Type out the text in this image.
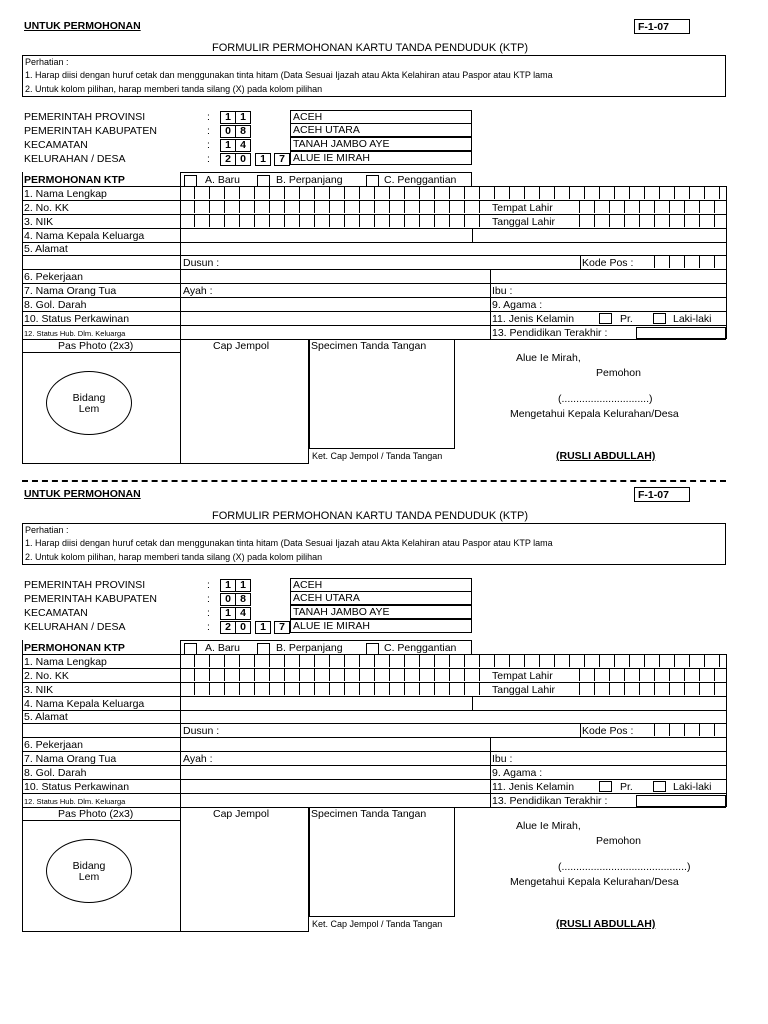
UNTUK PERMOHONAN	F-1-07
FORMULIR PERMOHONAN KARTU TANDA PENDUDUK (KTP)
Perhatian :
1. Harap diisi dengan huruf cetak dan menggunakan tinta hitam (Data Sesuai Ijazah atau Akta Kelahiran atau Paspor atau KTP lama
2. Untuk kolom pilihan, harap memberi tanda silang (X) pada kolom pilihan
PEMERINTAH PROVINSI	:	1 1	ACEH
PEMERINTAH KABUPATEN	:	0 8	ACEH UTARA
KECAMATAN	:	1 4	TANAH JAMBO AYE
KELURAHAN / DESA	:	2 0	1	7 ALUE IE MIRAH
PERMOHONAN KTP	A. Baru	B. Perpanjang	C. Penggantian
1. Nama Lengkap
2. No. KK
3. NIK
Tempat Lahir
Tanggal Lahir
4. Nama Kepala Keluarga
5. Alamat
Dusun :	Kode Pos :
6. Pekerjaan
7. Nama Orang Tua	Ayah :	Ibu :
8. Gol. Darah	9. Agama :
10. Status Perkawinan	11. Jenis Kelamin	Pr.	Laki-laki
12. Status Hub. Dlm. Keluarga	13. Pendidikan Terakhir :
Pas Photo (2x3)
Bidang
Lem
Cap Jempol	Specimen Tanda Tangan
Ket. Cap Jempol / Tanda Tangan
Alue Ie Mirah,
Pemohon
(..............................)
Mengetahui Kepala Kelurahan/Desa
(RUSLI ABDULLAH)
UNTUK PERMOHONAN	F-1-07
FORMULIR PERMOHONAN KARTU TANDA PENDUDUK (KTP)
Perhatian :
1. Harap diisi dengan huruf cetak dan menggunakan tinta hitam (Data Sesuai Ijazah atau Akta Kelahiran atau Paspor atau KTP lama
2. Untuk kolom pilihan, harap memberi tanda silang (X) pada kolom pilihan
PEMERINTAH PROVINSI	:	1 1	ACEH
PEMERINTAH KABUPATEN	:	0 8	ACEH UTARA
KECAMATAN	:	1 4	TANAH JAMBO AYE
KELURAHAN / DESA	:	2 0	1	7 ALUE IE MIRAH
PERMOHONAN KTP	A. Baru	B. Perpanjang	C. Penggantian
1. Nama Lengkap
2. No. KK
3. NIK
Tempat Lahir
Tanggal Lahir
4. Nama Kepala Keluarga
5. Alamat
Dusun :	Kode Pos :
6. Pekerjaan
7. Nama Orang Tua	Ayah :	Ibu :
8. Gol. Darah	9. Agama :
10. Status Perkawinan	11. Jenis Kelamin	Pr.	Laki-laki
12. Status Hub. Dlm. Keluarga	13. Pendidikan Terakhir :
Pas Photo (2x3)
Bidang
Lem
Cap Jempol	Specimen Tanda Tangan
Ket. Cap Jempol / Tanda Tangan
Alue Ie Mirah,
Pemohon
(...........................................)
Mengetahui Kepala Kelurahan/Desa
(RUSLI ABDULLAH)
